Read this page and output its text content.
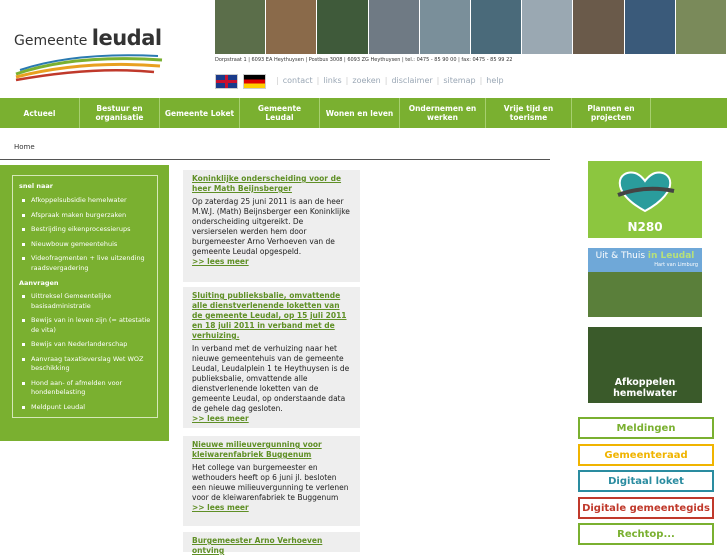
Gemeente leudal
Dorpstraat 1 | 6093 EA Heythuysen | Postbus 3008 | 6093 ZG Heythuysen | tel.: 0475 - 85 90 00 | fax: 0475 - 85 99 22
| contact | links | zoeken | disclaimer | sitemap | help
Actueel	Bestuur en organisatie	Gemeente Loket	Gemeente Leudal	Wonen en leven	Ondernemen en werken
Vrije tijd en toerisme
Plannen en projecten
Home
snel naar
Afkoppelsubsidie hemelwater
Afspraak maken burgerzaken
Bestrijding eikenprocessierups
Nieuwbouw gemeentehuis
Videofragmenten + live uitzending raadsvergadering
Aanvragen
Uittreksel Gemeentelijke basisadministratie
Bewijs van in leven zijn (= attestatie de vita)
Bewijs van Nederlanderschap
Aanvraag taxatieverslag Wet WOZ beschikking
Hond aan- of afmelden voor hondenbelasting
Meldpunt Leudal
Koninklijke onderscheiding voor de heer Math Beijnsberger
Op zaterdag 25 juni 2011 is aan de heer M.W.J. (Math) Beijnsberger een Koninklijke onderscheiding uitgereikt. De versierselen werden hem door burgemeester Arno Verhoeven van de gemeente Leudal opgespeld.
>> lees meer
Sluiting publieksbalie, omvattende alle dienstverlenende loketten van de gemeente Leudal, op 15 juli 2011 en 18 juli 2011 in verband met de verhuizing.
In verband met de verhuizing naar het nieuwe gemeentehuis van de gemeente Leudal, Leudalplein 1 te Heythuysen is de publieksbalie, omvattende alle dienstverlenende loketten van de gemeente Leudal, op onderstaande data de gehele dag gesloten.
>> lees meer
Nieuwe milieuvergunning voor kleiwarenfabriek Buggenum
Het college van burgemeester en wethouders heeft op 6 juni jl. besloten een nieuwe milieuvergunning te verlenen voor de kleiwarenfabriek te Buggenum
>> lees meer
Burgemeester Arno Verhoeven ontving
N280
Uit & Thuis in Leudal
Hart van Limburg
Afkoppelen hemelwater
Meldingen
Gemeenteraad
Digitaal loket
Digitale gemeentegids
Rechtop...
